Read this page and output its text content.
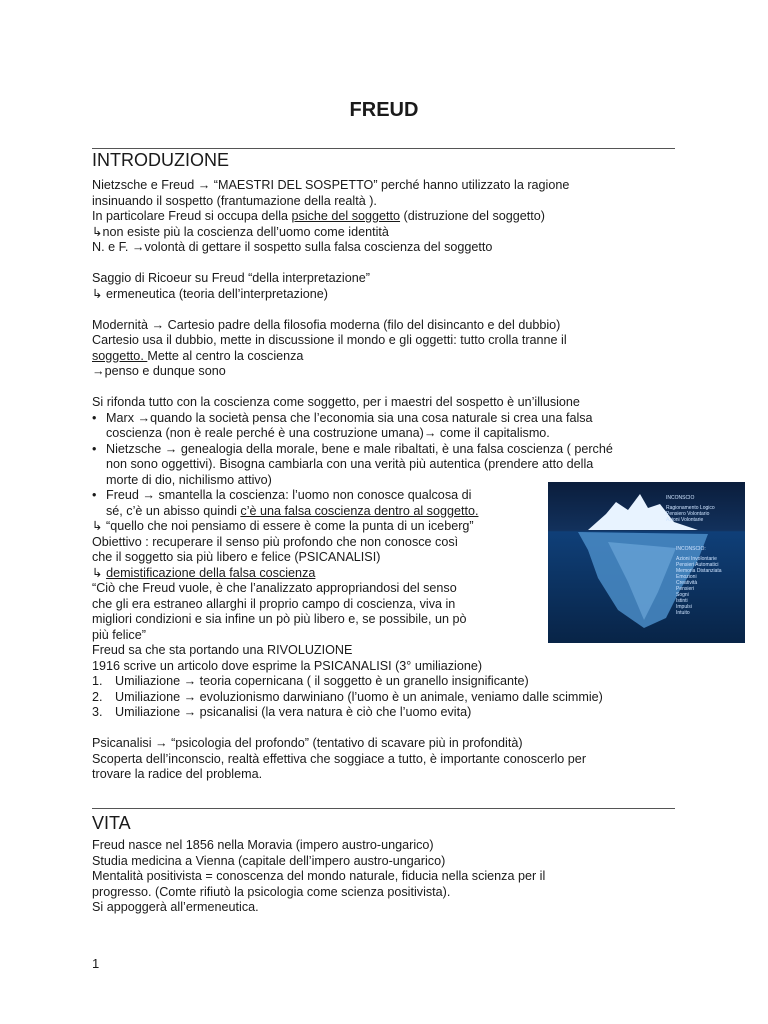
FREUD
INTRODUZIONE
Nietzsche e Freud → “MAESTRI DEL SOSPETTO” perché hanno utilizzato la ragione
insinuando il sospetto (frantumazione della realtà ).
In particolare Freud si occupa della psiche del soggetto (distruzione del soggetto)
↳non esiste più la coscienza dell’uomo come identità
N. e F. →volontà di gettare il sospetto sulla falsa coscienza del soggetto
Saggio di Ricoeur su Freud “della interpretazione”
↳ ermeneutica (teoria dell’interpretazione)
Modernità → Cartesio padre della filosofia moderna (filo del disincanto e del dubbio)
Cartesio usa il dubbio, mette in discussione il mondo e gli oggetti: tutto crolla tranne il
soggetto. Mette al centro la coscienza
→penso e dunque sono
Si rifonda tutto con la coscienza come soggetto, per i maestri del sospetto è un’illusione
• Marx →quando la società pensa che l’economia sia una cosa naturale si crea una falsa
coscienza (non è reale perché è una costruzione umana)→ come il capitalismo.
• Nietzsche → genealogia della morale, bene e male ribaltati, è una falsa coscienza ( perché
non sono oggettivi). Bisogna cambiarla con una verità più autentica (prendere atto della
morte di dio, nichilismo attivo)
• Freud → smantella la coscienza: l’uomo non conosce qualcosa di
sé, c’è un abisso quindi c’è una falsa coscienza dentro al soggetto.
↳ “quello che noi pensiamo di essere è come la punta di un iceberg”
Obiettivo : recuperare il senso più profondo che non conosce così
che il soggetto sia più libero e felice (PSICANALISI)
↳ demistificazione della falsa coscienza
“Ciò che Freud vuole, è che l’analizzato appropriandosi del senso
che gli era estraneo allarghi il proprio campo di coscienza, viva in
migliori condizioni e sia infine un pò più libero e, se possibile, un pò
più felice”
Freud sa che sta portando una RIVOLUZIONE
1916 scrive un articolo dove esprime la PSICANALISI (3° umiliazione)
1. Umiliazione → teoria copernicana ( il soggetto è un granello insignificante)
2. Umiliazione → evoluzionismo darwiniano (l’uomo è un animale, veniamo dalle scimmie)
3. Umiliazione → psicanalisi (la vera natura è ciò che l’uomo evita)
Psicanalisi → “psicologia del profondo” (tentativo di scavare più in profondità)
Scoperta dell’inconscio, realtà effettiva che soggiace a tutto, è importante conoscerlo per
trovare la radice del problema.
INCONSCIO
Ragionamento Logico
Pensiero Volontario
Azioni Volontarie
INCONSCIO:
Azioni Involontarie
Pensieri Automatici
Memoria Distanziata
Emozioni
Creatività
Pensieri
Sogni
Istinti
Impulsi
Intuito
VITA
Freud nasce nel 1856 nella Moravia (impero austro-ungarico)
Studia medicina a Vienna (capitale dell’impero austro-ungarico)
Mentalità positivista = conoscenza del mondo naturale, fiducia nella scienza per il
progresso. (Comte rifiutò la psicologia come scienza positivista).
Si appoggerà all’ermeneutica.
1
